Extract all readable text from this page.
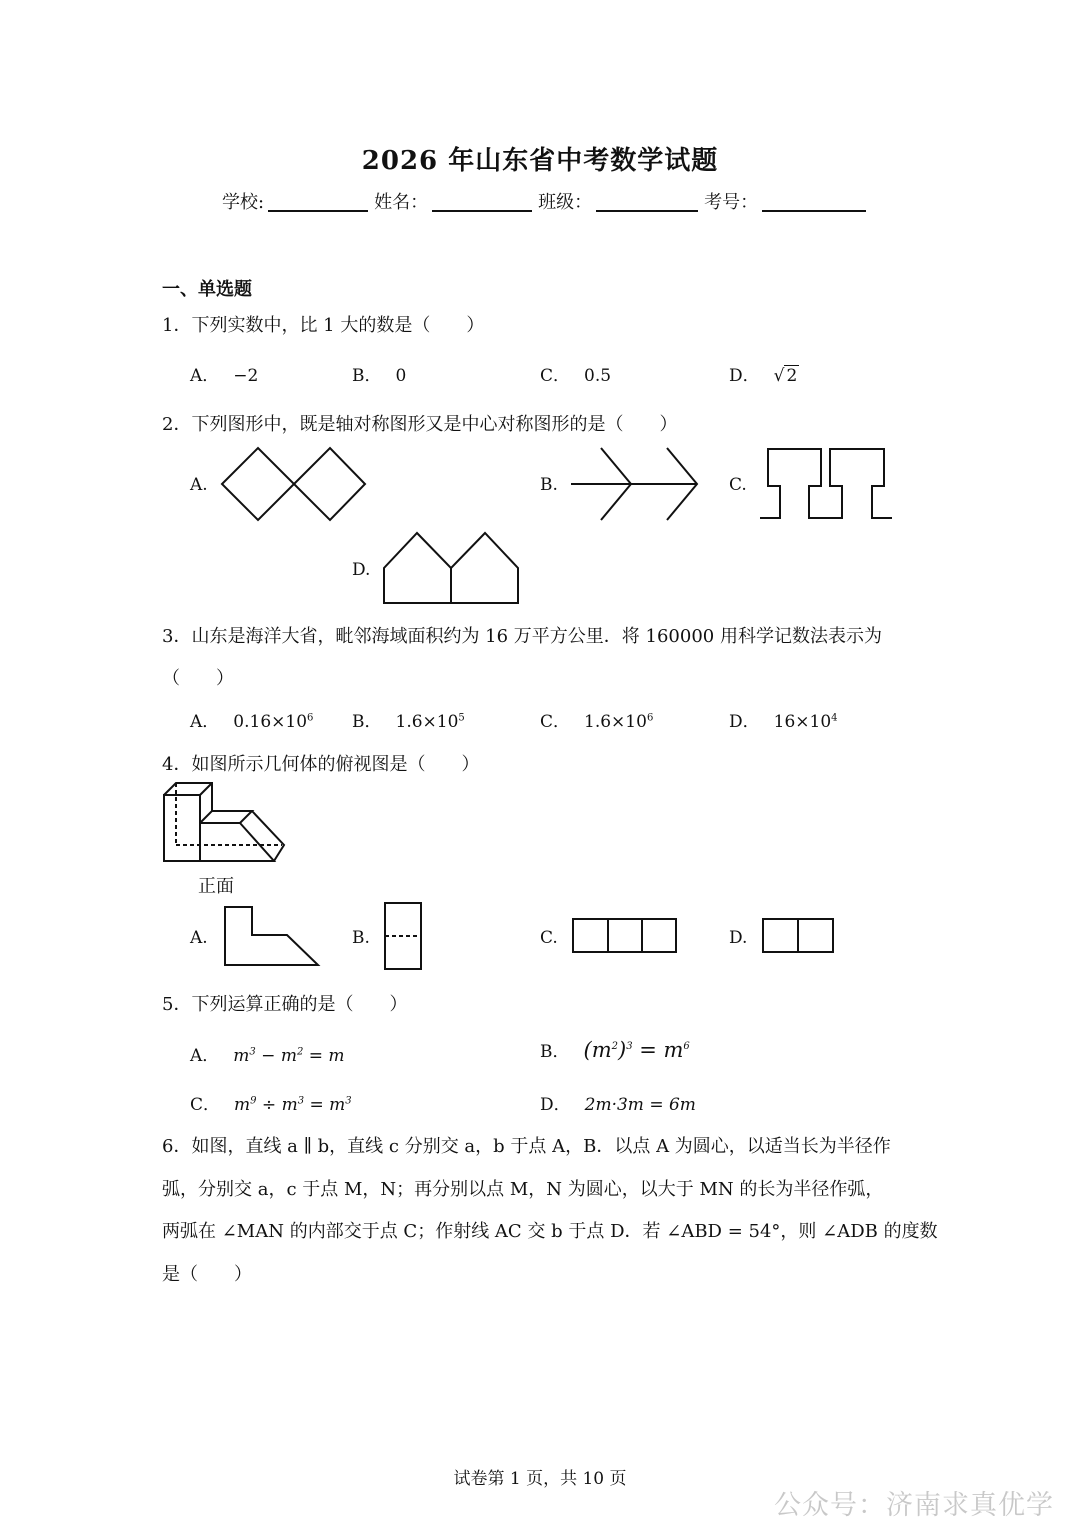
2026 年山东省中考数学试题
学校:	姓名：	班级：	考号：
一、单选题
1．下列实数中，比 1 大的数是（　　）
A． −2	B． 0	C． 0.5	D． √ 2
2．下列图形中，既是轴对称图形又是中心对称图形的是（　　）
A.	B.	C.
D.
3．山东是海洋大省，毗邻海域面积约为 16 万平方公里．将 160000 用科学记数法表示为
（　　）
A． $0.16\times 10^6$ B． $1.6\times 10^5$	C． $1.6\times 10^6$	D． $16\times 10^4$
4．如图所示几何体的俯视图是（　　）
正面
A.	B.	C.	D.
5．下列运算正确的是（　　）
A． $m^3 - m^2 = m$	B． $(m^2)^3 = m^6$
C． $m^9 \div m^3 = m^3$	D． 2m·3m = 6m
6．如图，直线 a ∥ b，直线 c 分别交 a，b 于点 A，B．以点 A 为圆心，以适当长为半径作
弧，分别交 a，c 于点 M，N；再分别以点 M，N 为圆心，以大于 MN 的长为半径作弧，
两弧在 ∠MAN 的内部交于点 C；作射线 AC 交 b 于点 D．若 ∠ABD = 54°，则 ∠ADB 的度数
是（　　）
试卷第 1 页，共 10 页
公众号：济南求真优学
